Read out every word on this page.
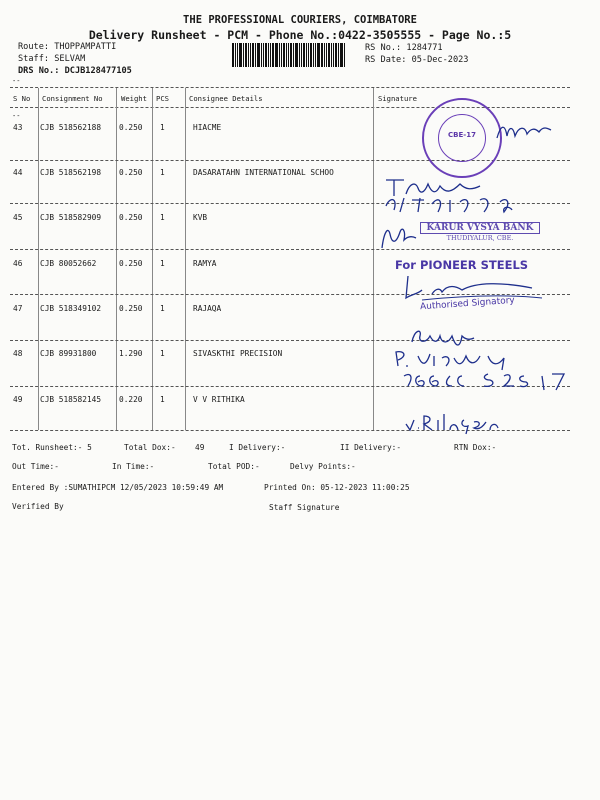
THE PROFESSIONAL COURIERS, COIMBATORE
Delivery Runsheet - PCM - Phone No.:0422-3505555 - Page No.:5
Route: THOPPAMPATTI
Staff: SELVAM
DRS No.: DCJB128477105
RS No.: 1284771
RS Date: 05-Dec-2023
--
--
S No Consignment No	Weight PCS	Consignee Details	Signature
43 CJB 518562188 0.250 1	HIACME
44 CJB 518562198 0.250 1	DASARATAHN INTERNATIONAL SCHOO
45 CJB 518582909 0.250 1	KVB
46 CJB 80052662	0.250 1	RAMYA
47 CJB 518349102 0.250 1	RAJAQA
48 CJB 89931800	1.290 1	SIVASKTHI PRECISION
49 CJB 518582145 0.220 1	V V RITHIKA
CBE-17
KARUR VYSYA BANK
THUDIYALUR, CBE.
For PIONEER STEELS
Authorised Signatory
Tot. Runsheet:- 5	Total Dox:- 49	I Delivery:-	II Delivery:-	RTN Dox:-
Out Time:-	In Time:-	Total POD:-	Delvy Points:-
Entered By :SUMATHIPCM 12/05/2023 10:59:49 AM	Printed On: 05-12-2023 11:00:25
Verified By	Staff Signature
